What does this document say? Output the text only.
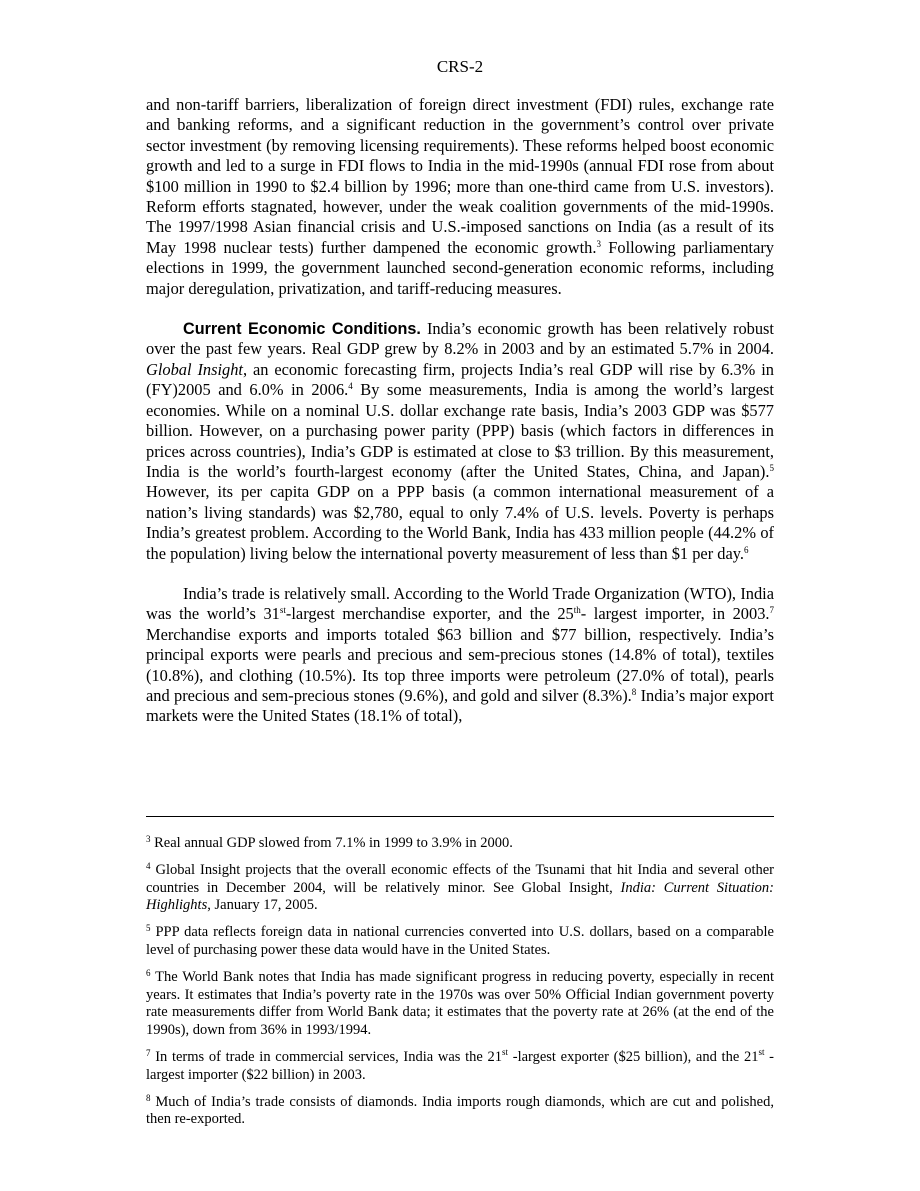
CRS-2

and non-tariff barriers, liberalization of foreign direct investment (FDI) rules, exchange rate and banking reforms, and a significant reduction in the government’s control over private sector investment (by removing licensing requirements). These reforms helped boost economic growth and led to a surge in FDI flows to India in the mid-1990s (annual FDI rose from about $100 million in 1990 to $2.4 billion by 1996; more than one-third came from U.S. investors). Reform efforts stagnated, however, under the weak coalition governments of the mid-1990s. The 1997/1998 Asian financial crisis and U.S.-imposed sanctions on India (as a result of its May 1998 nuclear tests) further dampened the economic growth.$^3$ Following parliamentary elections in 1999, the government launched second-generation economic reforms, including major deregulation, privatization, and tariff-reducing measures.

Current Economic Conditions. India’s economic growth has been relatively robust over the past few years. Real GDP grew by 8.2% in 2003 and by an estimated 5.7% in 2004. Global Insight, an economic forecasting firm, projects India’s real GDP will rise by 6.3% in (FY)2005 and 6.0% in 2006.$^4$ By some measurements, India is among the world’s largest economies. While on a nominal U.S. dollar exchange rate basis, India’s 2003 GDP was $577 billion. However, on a purchasing power parity (PPP) basis (which factors in differences in prices across countries), India’s GDP is estimated at close to $3 trillion. By this measurement, India is the world’s fourth-largest economy (after the United States, China, and Japan).$^5$ However, its per capita GDP on a PPP basis (a common international measurement of a nation’s living standards) was $2,780, equal to only 7.4% of U.S. levels. Poverty is perhaps India’s greatest problem. According to the World Bank, India has 433 million people (44.2% of the population) living below the international poverty measurement of less than $1 per day.$^6$

India’s trade is relatively small. According to the World Trade Organization (WTO), India was the world’s 31st-largest merchandise exporter, and the 25th- largest importer, in 2003.$^7$ Merchandise exports and imports totaled $63 billion and $77 billion, respectively. India’s principal exports were pearls and precious and sem-precious stones (14.8% of total), textiles (10.8%), and clothing (10.5%). Its top three imports were petroleum (27.0% of total), pearls and precious and sem-precious stones (9.6%), and gold and silver (8.3%).$^8$ India’s major export markets were the United States (18.1% of total),

$^3$ Real annual GDP slowed from 7.1% in 1999 to 3.9% in 2000.

$^4$ Global Insight projects that the overall economic effects of the Tsunami that hit India and several other countries in December 2004, will be relatively minor. See Global Insight, India: Current Situation: Highlights, January 17, 2005.

$^5$ PPP data reflects foreign data in national currencies converted into U.S. dollars, based on a comparable level of purchasing power these data would have in the United States.

$^6$ The World Bank notes that India has made significant progress in reducing poverty, especially in recent years. It estimates that India’s poverty rate in the 1970s was over 50% Official Indian government poverty rate measurements differ from World Bank data; it estimates that the poverty rate at 26% (at the end of the 1990s), down from 36% in 1993/1994.

$^7$ In terms of trade in commercial services, India was the 21st -largest exporter ($25 billion), and the 21st -largest importer ($22 billion) in 2003.

$^8$ Much of India’s trade consists of diamonds. India imports rough diamonds, which are cut and polished, then re-exported.
